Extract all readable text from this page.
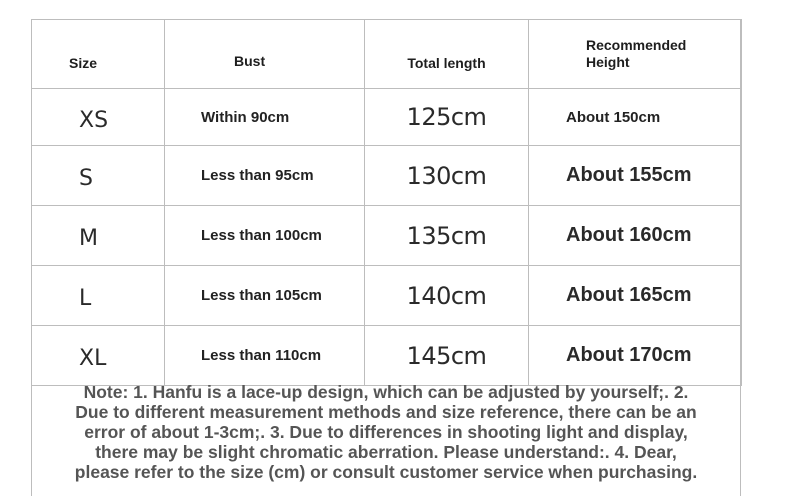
Size	Bust	Total length	Recommended
Height
XS	Within 90cm	125cm	About 150cm
S	Less than 95cm	130cm	About 155cm
M	Less than 100cm	135cm	About 160cm
L	Less than 105cm	140cm	About 165cm
XL	Less than 110cm	145cm	About 170cm
Note: 1. Hanfu is a lace-up design, which can be adjusted by yourself;. 2.
Due to different measurement methods and size reference, there can be an
error of about 1-3cm;. 3. Due to differences in shooting light and display,
there may be slight chromatic aberration. Please understand:. 4. Dear,
please refer to the size (cm) or consult customer service when purchasing.
